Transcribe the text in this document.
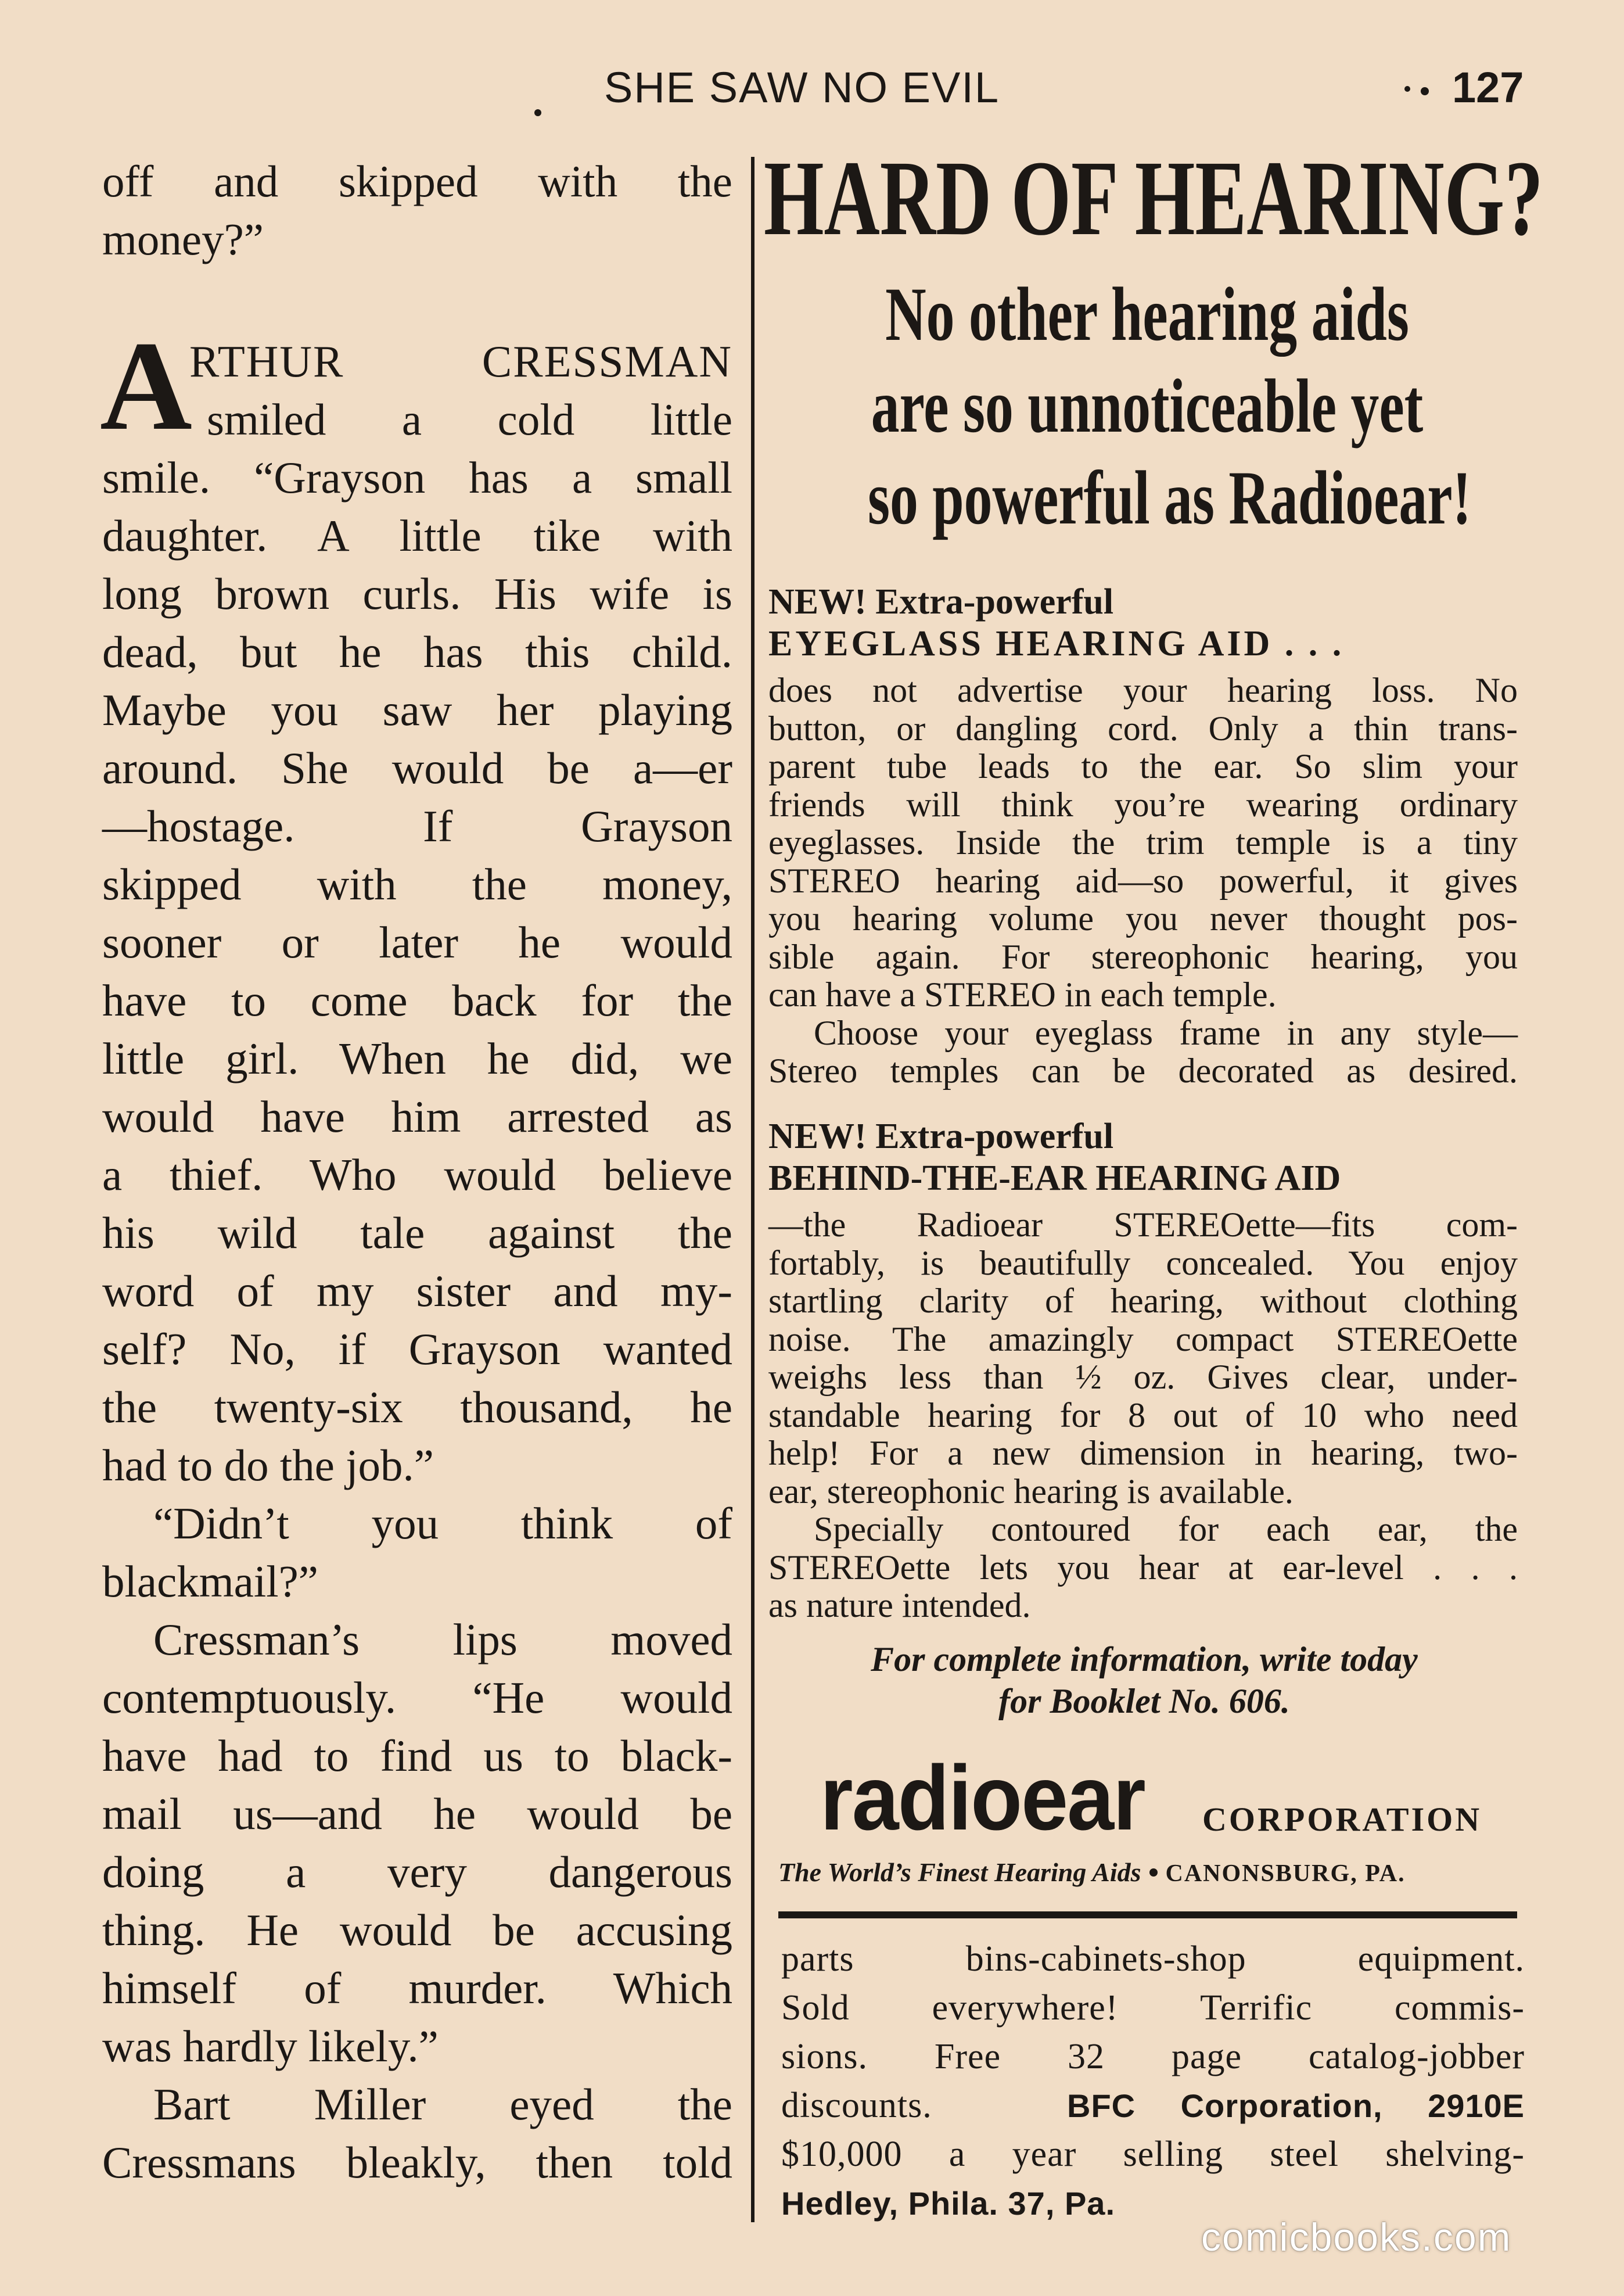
SHE SAW NO EVIL	127
off and skipped with the
money?”
A
RTHUR CRESSMAN
smiled a cold little
smile. “Grayson has a small
daughter. A little tike with
long brown curls. His wife is
dead, but he has this child.
Maybe you saw her playing
around. She would be a—er
—hostage. If Grayson
skipped with the money,
sooner or later he would
have to come back for the
little girl. When he did, we
would have him arrested as
a thief. Who would believe
his wild tale against the
word of my sister and my-
self? No, if Grayson wanted
the twenty-six thousand, he
had to do the job.”
“Didn’t you think of
blackmail?”
Cressman’s lips moved
contemptuously. “He would
have had to find us to black-
mail us—and he would be
doing a very dangerous
thing. He would be accusing
himself of murder. Which
was hardly likely.”
Bart Miller eyed the
Cressmans bleakly, then told
HARD OF HEARING?
No other hearing aids
are so unnoticeable yet
so powerful as Radioear!
NEW! Extra-powerful
EYEGLASS HEARING AID . . .
does not advertise your hearing loss. No
button, or dangling cord. Only a thin trans-
parent tube leads to the ear. So slim your
friends will think you’re wearing ordinary
eyeglasses. Inside the trim temple is a tiny
STEREO hearing aid—so powerful, it gives
you hearing volume you never thought pos-
sible again. For stereophonic hearing, you
can have a STEREO in each temple.
Choose your eyeglass frame in any style—
Stereo temples can be decorated as desired.
NEW! Extra-powerful
BEHIND-THE-EAR HEARING AID
—the Radioear STEREOette—fits com-
fortably, is beautifully concealed. You enjoy
startling clarity of hearing, without clothing
noise. The amazingly compact STEREOette
weighs less than ½ oz. Gives clear, under-
standable hearing for 8 out of 10 who need
help! For a new dimension in hearing, two-
ear, stereophonic hearing is available.
Specially contoured for each ear, the
STEREOette lets you hear at ear-level . . .
as nature intended.
For complete information, write today
for Booklet No. 606.
radioear CORPORATION
The World’s Finest Hearing Aids CANONSBURG, PA.
parts bins-cabinets-shop equipment.
Sold everywhere! Terrific commis-
sions. Free 32 page catalog-jobber
discounts.	BFC Corporation, 2910E
$10,000 a year selling steel shelving-
Hedley, Phila. 37, Pa.
comicbooks.com
